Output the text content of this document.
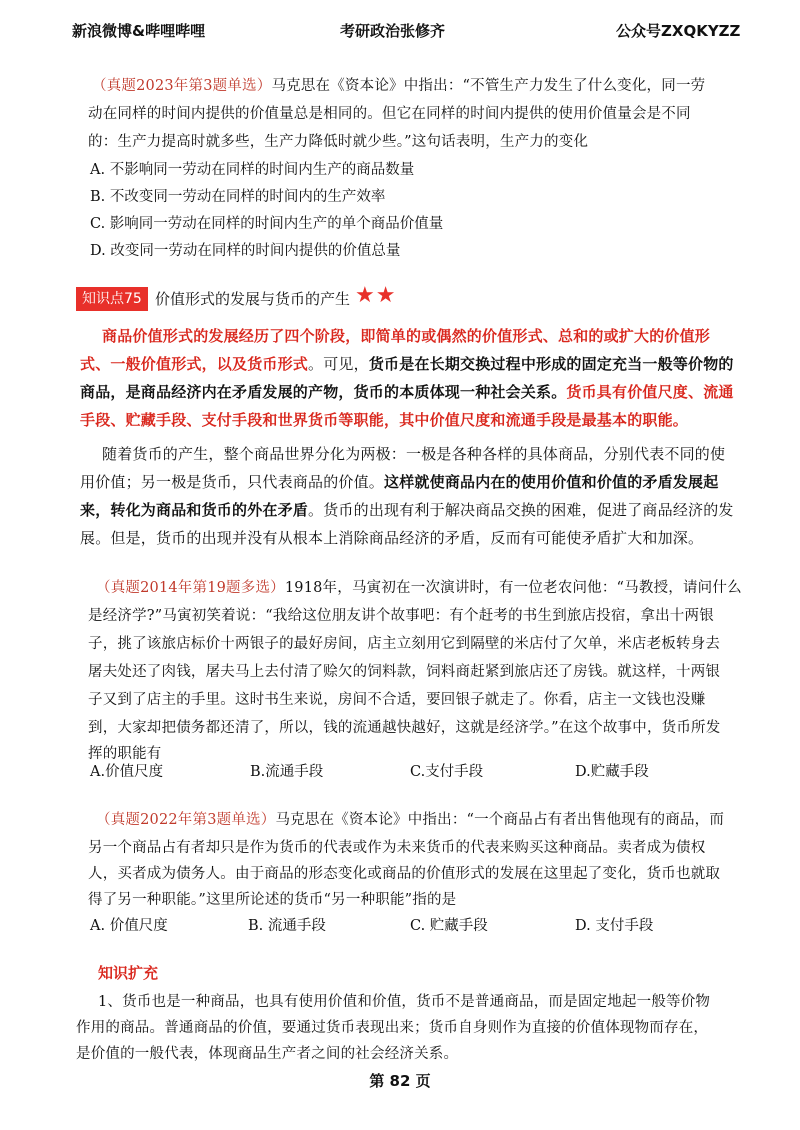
新浪微博&哔哩哔哩	考研政治张修齐	公众号ZXQKYZZ
（真题2023年第3题单选）马克思在《资本论》中指出：“不管生产力发生了什么变化，同一劳
动在同样的时间内提供的价值量总是相同的。但它在同样的时间内提供的使用价值量会是不同
的：生产力提高时就多些，生产力降低时就少些。”这句话表明，生产力的变化
A. 不影响同一劳动在同样的时间内生产的商品数量
B. 不改变同一劳动在同样的时间内的生产效率
C. 影响同一劳动在同样的时间内生产的单个商品价值量
D. 改变同一劳动在同样的时间内提供的价值总量
知识点75 价值形式的发展与货币的产生 ★★
商品价值形式的发展经历了四个阶段，即简单的或偶然的价值形式、总和的或扩大的价值形
式、一般价值形式，以及货币形式。可见，货币是在长期交换过程中形成的固定充当一般等价物的
商品，是商品经济内在矛盾发展的产物，货币的本质体现一种社会关系。货币具有价值尺度、流通
手段、贮藏手段、支付手段和世界货币等职能，其中价值尺度和流通手段是最基本的职能。
随着货币的产生，整个商品世界分化为两极：一极是各种各样的具体商品，分别代表不同的使
用价值；另一极是货币，只代表商品的价值。这样就使商品内在的使用价值和价值的矛盾发展起
来，转化为商品和货币的外在矛盾。货币的出现有利于解决商品交换的困难，促进了商品经济的发
展。但是，货币的出现并没有从根本上消除商品经济的矛盾，反而有可能使矛盾扩大和加深。
（真题2014年第19题多选）1918年，马寅初在一次演讲时，有一位老农问他：“马教授，请问什么
是经济学?”马寅初笑着说：“我给这位朋友讲个故事吧：有个赶考的书生到旅店投宿，拿出十两银
子，挑了该旅店标价十两银子的最好房间，店主立刻用它到隔壁的米店付了欠单，米店老板转身去
屠夫处还了肉钱，屠夫马上去付清了赊欠的饲料款，饲料商赶紧到旅店还了房钱。就这样，十两银
子又到了店主的手里。这时书生来说，房间不合适，要回银子就走了。你看，店主一文钱也没赚
到，大家却把债务都还清了，所以，钱的流通越快越好，这就是经济学。”在这个故事中，货币所发
挥的职能有
A.价值尺度	B.流通手段	C.支付手段	D.贮藏手段
（真题2022年第3题单选）马克思在《资本论》中指出：“一个商品占有者出售他现有的商品，而
另一个商品占有者却只是作为货币的代表或作为未来货币的代表来购买这种商品。卖者成为债权
人，买者成为债务人。由于商品的形态变化或商品的价值形式的发展在这里起了变化，货币也就取
得了另一种职能。”这里所论述的货币“另一种职能”指的是
A. 价值尺度	B. 流通手段	C. 贮藏手段	D. 支付手段
知识扩充
1、货币也是一种商品，也具有使用价值和价值，货币不是普通商品，而是固定地起一般等价物
作用的商品。普通商品的价值，要通过货币表现出来；货币自身则作为直接的价值体现物而存在，
是价值的一般代表，体现商品生产者之间的社会经济关系。
第 82 页
